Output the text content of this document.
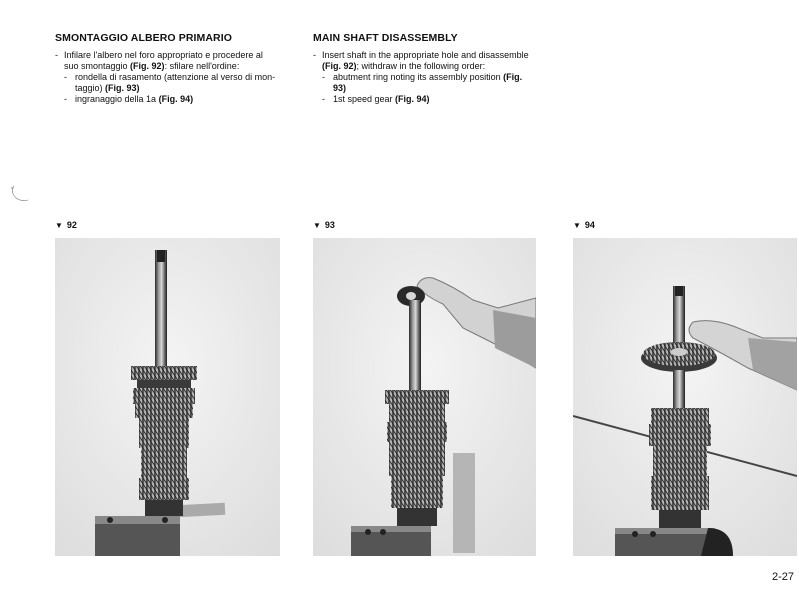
SMONTAGGIO ALBERO PRIMARIO
- Infilare l'albero nel foro appropriato e procedere al
suo smontaggio (Fig. 92): sfilare nell'ordine:
- rondella di rasamento (attenzione al verso di mon-
taggio) (Fig. 93)
- ingranaggio della 1a (Fig. 94)
MAIN SHAFT DISASSEMBLY
- Insert shaft in the appropriate hole and disassemble
(Fig. 92); withdraw in the following order:
- abutment ring noting its assembly position (Fig.
93)
- 1st speed gear (Fig. 94)
▼ 92	▼ 93	▼ 94
2-27
